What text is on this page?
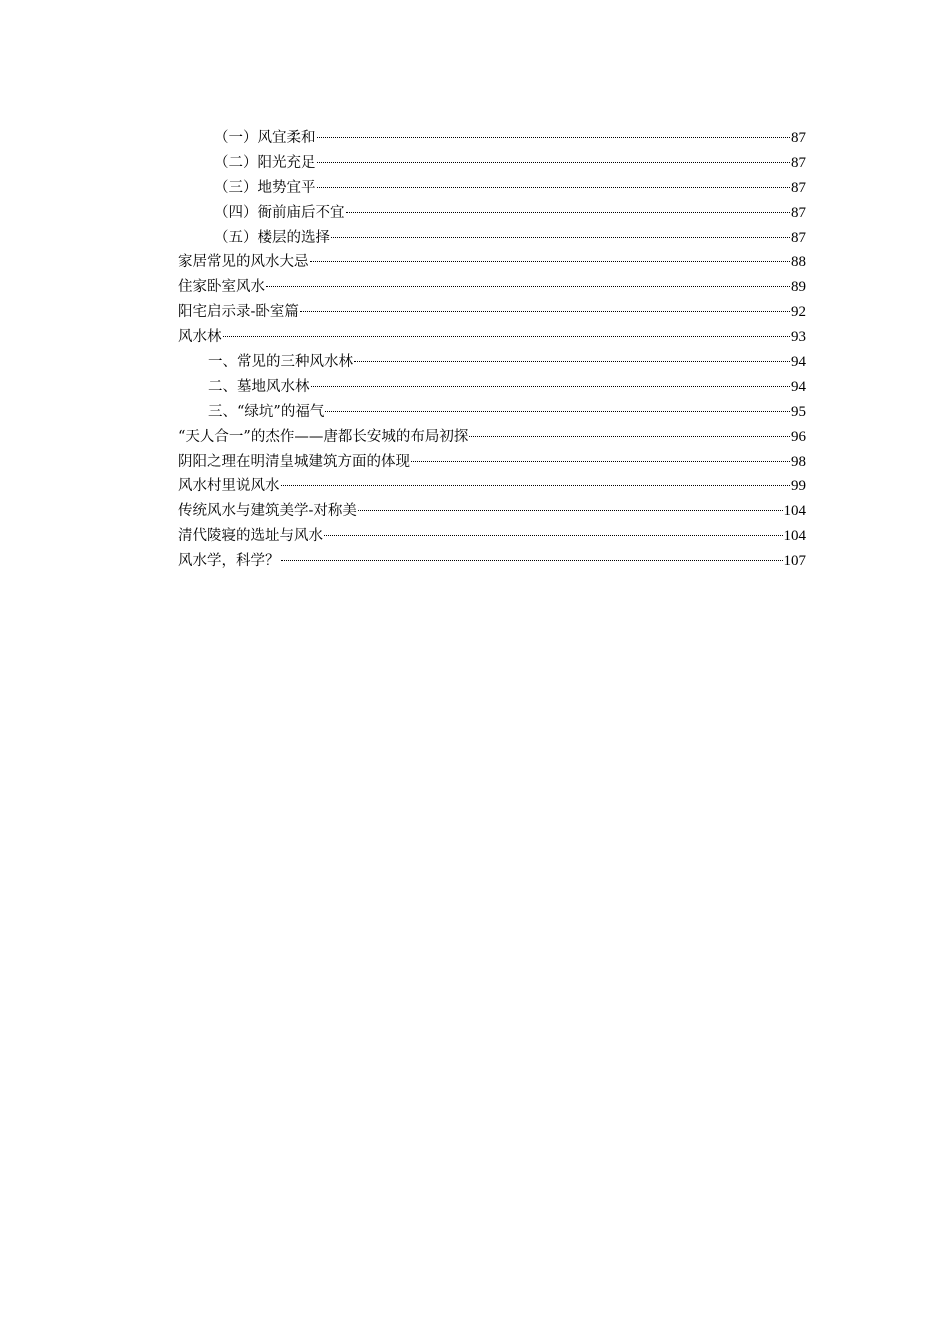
（一）风宜柔和	87
（二）阳光充足	87
（三）地势宜平	87
（四）衙前庙后不宜	87
（五）楼层的选择	87
家居常见的风水大忌	88
住家卧室风水	89
阳宅启示录-卧室篇	92
风水林	93
一、常见的三种风水林	94
二、墓地风水林	94
三、“绿坑”的福气	95
“天人合一”的杰作——唐都长安城的布局初探	96
阴阳之理在明清皇城建筑方面的体现	98
风水村里说风水	99
传统风水与建筑美学-对称美	104
清代陵寝的选址与风水	104
风水学，科学？	107
